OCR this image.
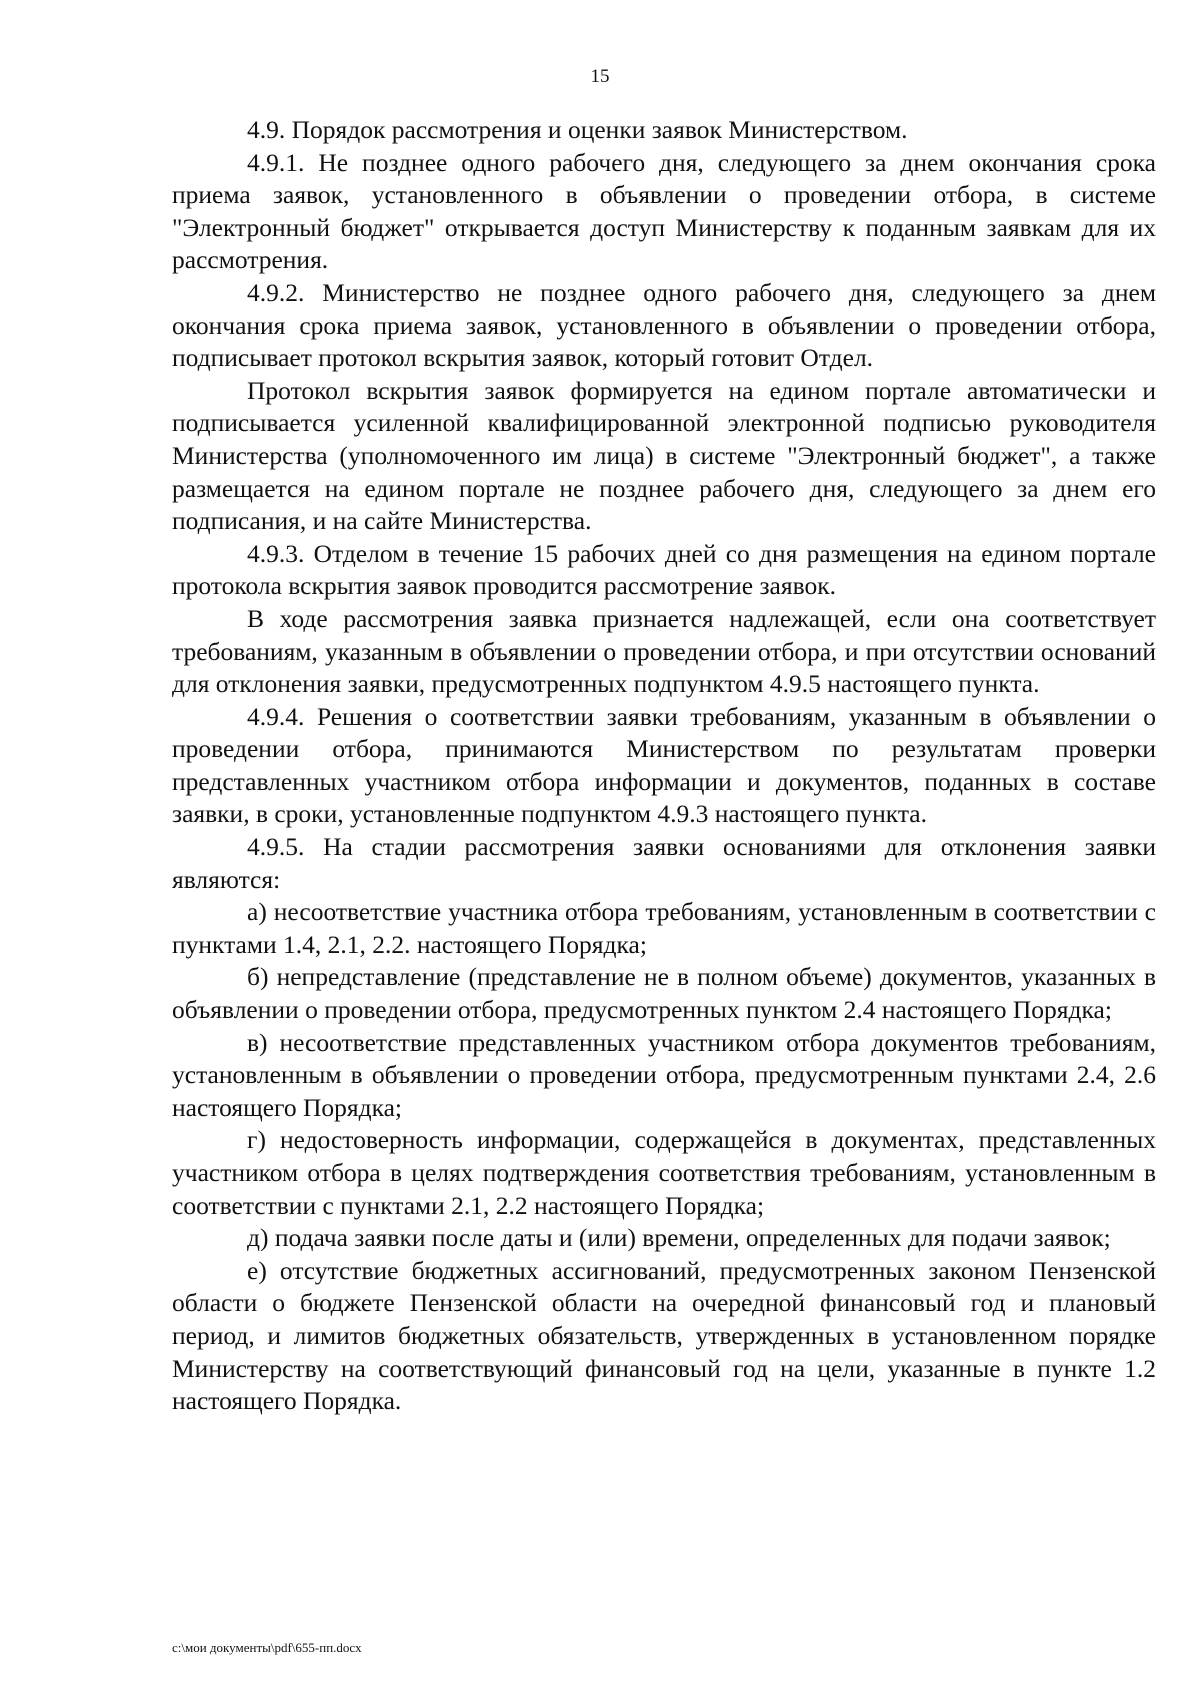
15

4.9. Порядок рассмотрения и оценки заявок Министерством.

4.9.1. Не позднее одного рабочего дня, следующего за днем окончания срока приема заявок, установленного в объявлении о проведении отбора, в системе "Электронный бюджет" открывается доступ Министерству к поданным заявкам для их рассмотрения.

4.9.2. Министерство не позднее одного рабочего дня, следующего за днем окончания срока приема заявок, установленного в объявлении о проведении отбора, подписывает протокол вскрытия заявок, который готовит Отдел.

Протокол вскрытия заявок формируется на едином портале автоматически и подписывается усиленной квалифицированной электронной подписью руководителя Министерства (уполномоченного им лица) в системе "Электронный бюджет", а также размещается на едином портале не позднее рабочего дня, следующего за днем его подписания, и на сайте Министерства.

4.9.3. Отделом в течение 15 рабочих дней со дня размещения на едином портале протокола вскрытия заявок проводится рассмотрение заявок.

В ходе рассмотрения заявка признается надлежащей, если она соответствует требованиям, указанным в объявлении о проведении отбора, и при отсутствии оснований для отклонения заявки, предусмотренных подпунктом 4.9.5 настоящего пункта.

4.9.4. Решения о соответствии заявки требованиям, указанным в объявлении о проведении отбора, принимаются Министерством по результатам проверки представленных участником отбора информации и документов, поданных в составе заявки, в сроки, установленные подпунктом 4.9.3 настоящего пункта.

4.9.5. На стадии рассмотрения заявки основаниями для отклонения заявки являются:

а) несоответствие участника отбора требованиям, установленным в соответствии с пунктами 1.4, 2.1, 2.2. настоящего Порядка;

б) непредставление (представление не в полном объеме) документов, указанных в объявлении о проведении отбора, предусмотренных пунктом 2.4 настоящего Порядка;

в) несоответствие представленных участником отбора документов требованиям, установленным в объявлении о проведении отбора, предусмотренным пунктами 2.4, 2.6 настоящего Порядка;

г) недостоверность информации, содержащейся в документах, представленных участником отбора в целях подтверждения соответствия требованиям, установленным в соответствии с пунктами 2.1, 2.2 настоящего Порядка;

д) подача заявки после даты и (или) времени, определенных для подачи заявок;

е) отсутствие бюджетных ассигнований, предусмотренных законом Пензенской области о бюджете Пензенской области на очередной финансовый год и плановый период, и лимитов бюджетных обязательств, утвержденных в установленном порядке Министерству на соответствующий финансовый год на цели, указанные в пункте 1.2 настоящего Порядка.

c:\мои документы\pdf\655-пп.docx
